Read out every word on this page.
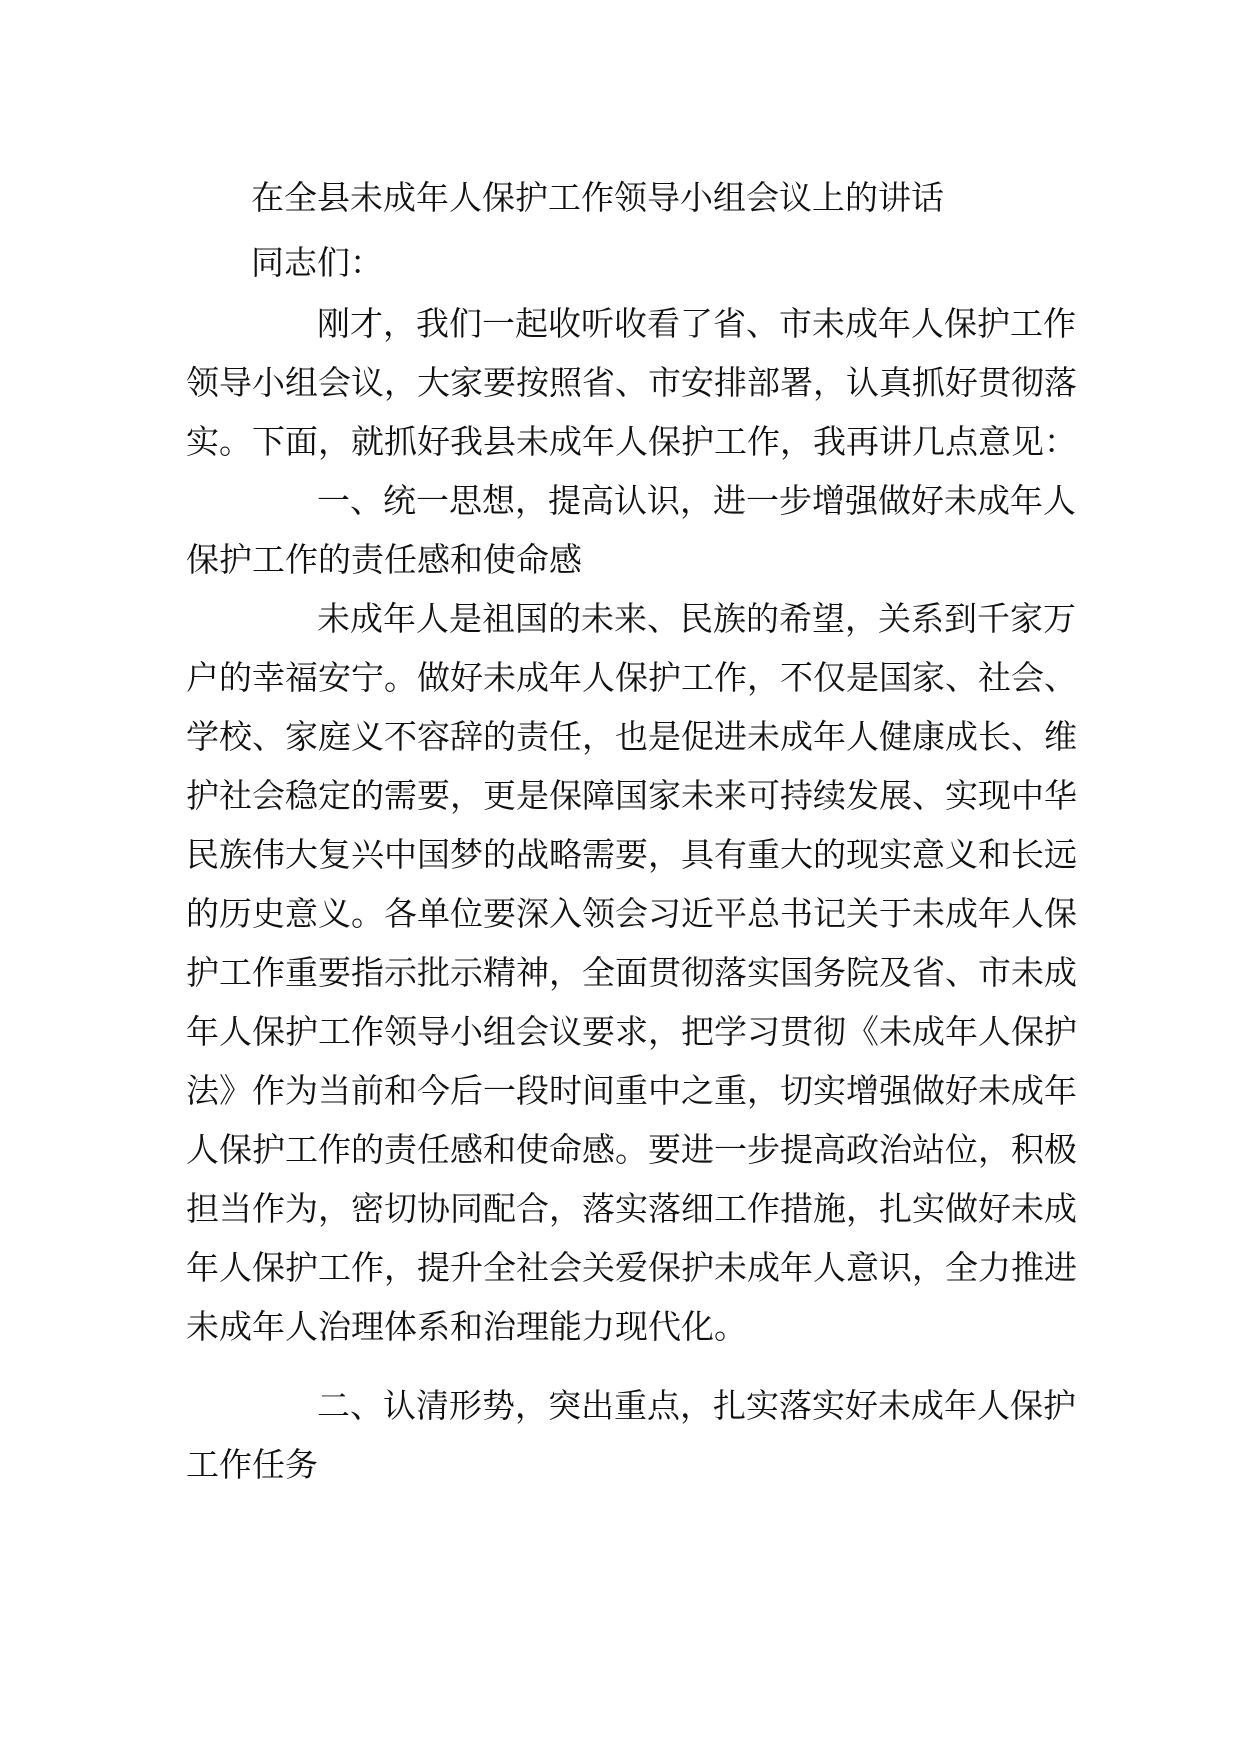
在全县未成年人保护工作领导小组会议上的讲话

同志们：

刚才，我们一起收听收看了省、市未成年人保护工作

领导小组会议，大家要按照省、市安排部署，认真抓好贯彻落

实。下面，就抓好我县未成年人保护工作，我再讲几点意见：

一、统一思想，提高认识，进一步增强做好未成年人

保护工作的责任感和使命感

未成年人是祖国的未来、民族的希望，关系到千家万

户的幸福安宁。做好未成年人保护工作，不仅是国家、社会、

学校、家庭义不容辞的责任，也是促进未成年人健康成长、维

护社会稳定的需要，更是保障国家未来可持续发展、实现中华

民族伟大复兴中国梦的战略需要，具有重大的现实意义和长远

的历史意义。各单位要深入领会习近平总书记关于未成年人保

护工作重要指示批示精神，全面贯彻落实国务院及省、市未成

年人保护工作领导小组会议要求，把学习贯彻《未成年人保护

法》作为当前和今后一段时间重中之重，切实增强做好未成年

人保护工作的责任感和使命感。要进一步提高政治站位，积极

担当作为，密切协同配合，落实落细工作措施，扎实做好未成

年人保护工作，提升全社会关爱保护未成年人意识，全力推进

未成年人治理体系和治理能力现代化。

二、认清形势，突出重点，扎实落实好未成年人保护

工作任务
